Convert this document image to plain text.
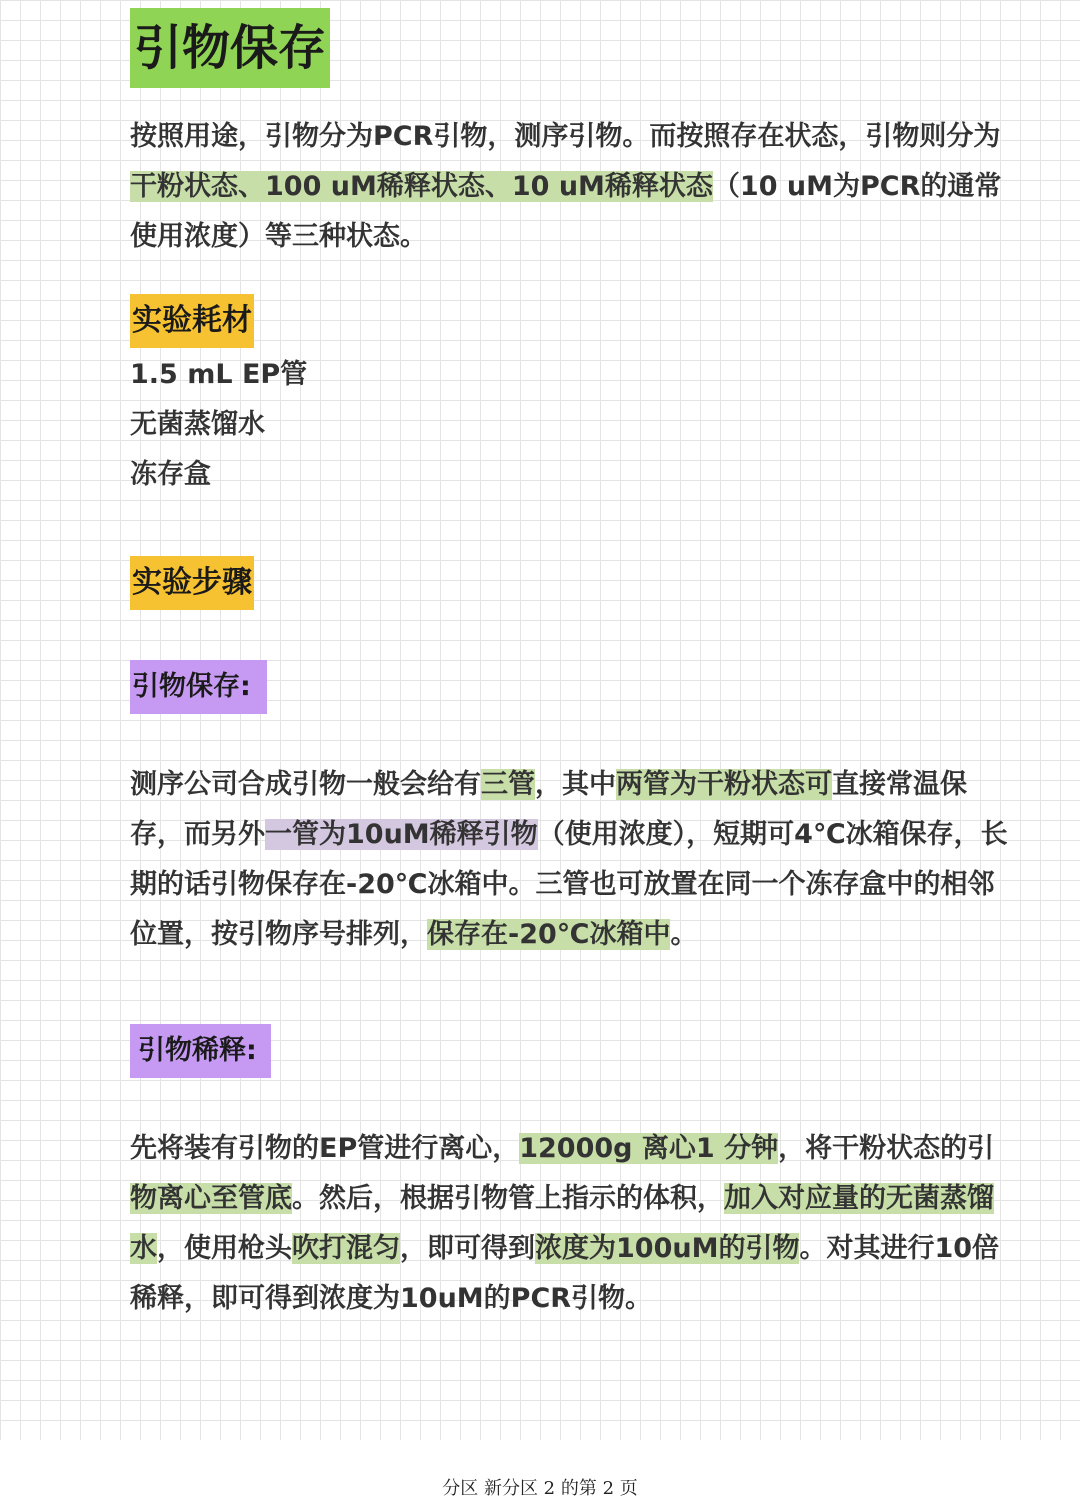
引物保存
按照用途，引物分为PCR引物，测序引物。而按照存在状态，引物则分为干粉状态、100 uM稀释状态、10 uM稀释状态（10 uM为PCR的通常使用浓度）等三种状态。
实验耗材
1.5 mL EP管
无菌蒸馏水
冻存盒
实验步骤
引物保存:
测序公司合成引物一般会给有三管，其中两管为干粉状态可直接常温保存，而另外一管为10uM稀释引物（使用浓度），短期可4℃冰箱保存，长期的话引物保存在-20℃冰箱中。三管也可放置在同一个冻存盒中的相邻位置，按引物序号排列，保存在-20℃冰箱中。
引物稀释:
先将装有引物的EP管进行离心，12000g 离心1 分钟，将干粉状态的引物离心至管底。然后，根据引物管上指示的体积，加入对应量的无菌蒸馏水，使用枪头吹打混匀，即可得到浓度为100uM的引物。对其进行10倍稀释，即可得到浓度为10uM的PCR引物。
分区 新分区 2 的第 2 页
